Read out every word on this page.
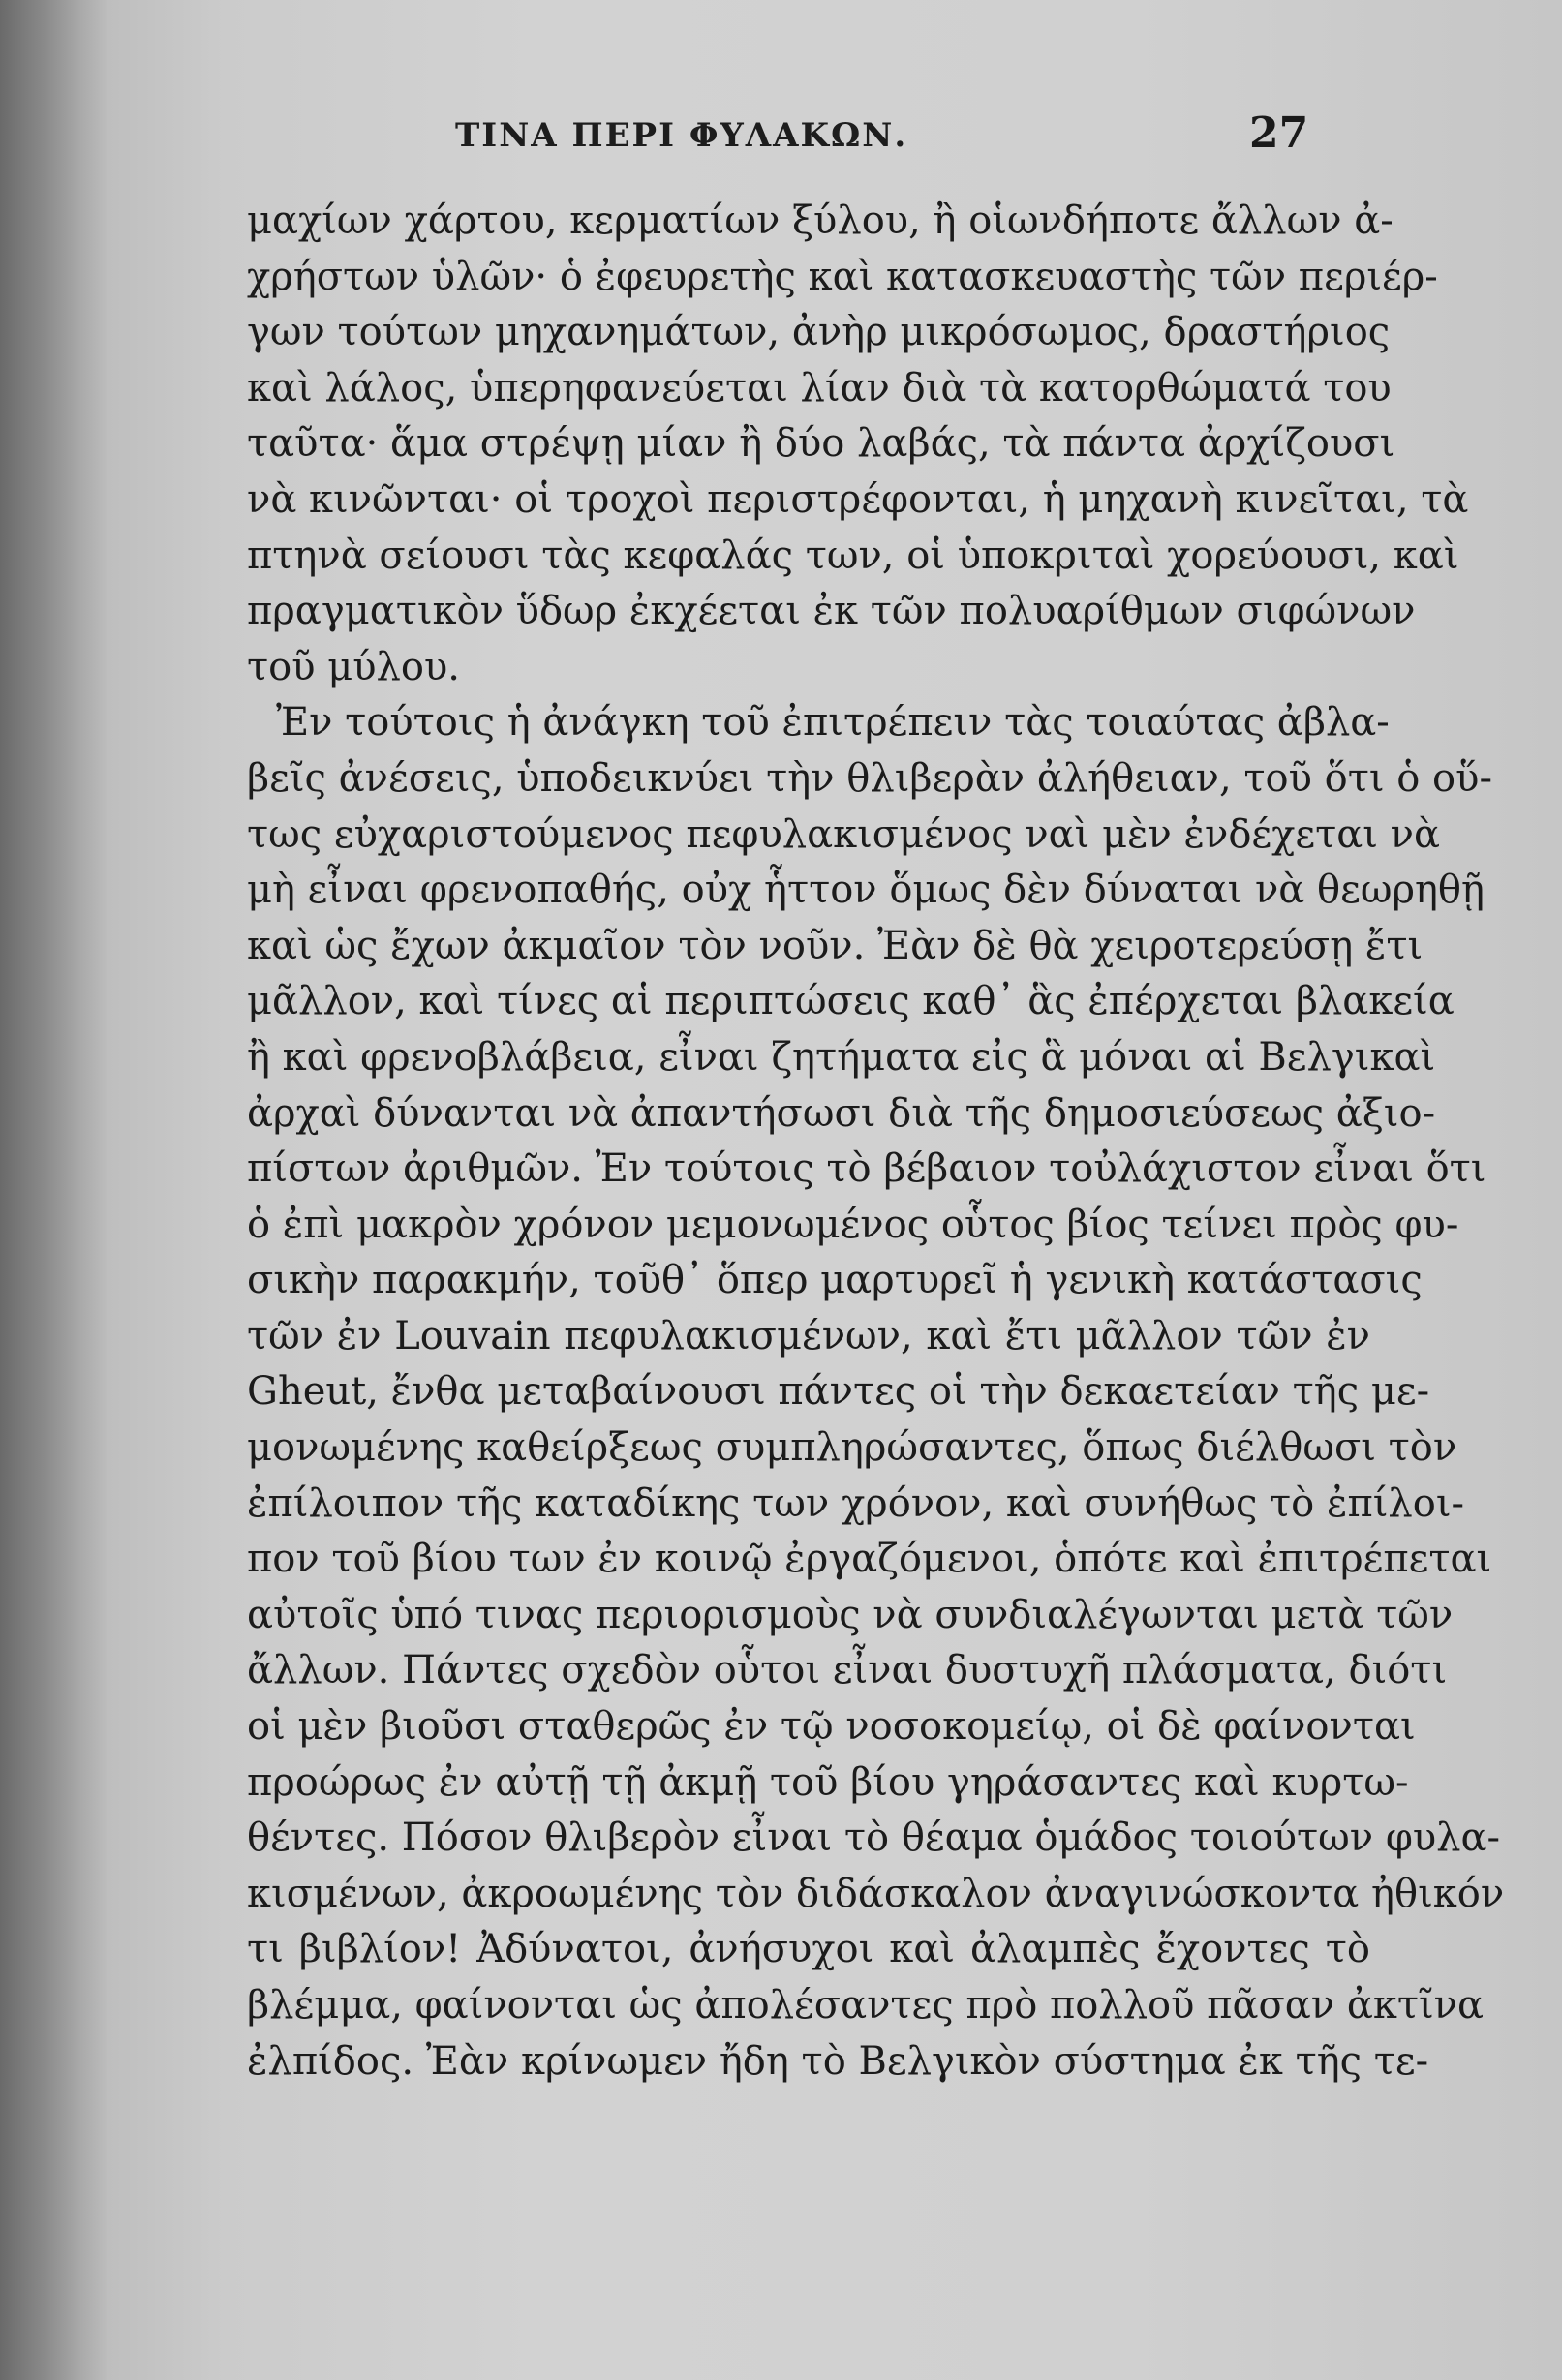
ΤΙΝΑ ΠΕΡΙ ΦΥΛΑΚΩΝ.	27
μαχίων χάρτου, κερματίων ξύλου, ἢ οἱωνδήποτε ἄλλων ἀ-
χρήστων ὑλῶν· ὁ ἐφευρετὴς καὶ κατασκευαστὴς τῶν περιέρ-
γων τούτων μηχανημάτων, ἀνὴρ μικρόσωμος, δραστήριος
καὶ λάλος, ὑπερηφανεύεται λίαν διὰ τὰ κατορθώματά του
ταῦτα· ἅμα στρέψῃ μίαν ἢ δύο λαβάς, τὰ πάντα ἀρχίζουσι
νὰ κινῶνται· οἱ τροχοὶ περιστρέφονται, ἡ μηχανὴ κινεῖται, τὰ
πτηνὰ σείουσι τὰς κεφαλάς των, οἱ ὑποκριταὶ χορεύουσι, καὶ
πραγματικὸν ὕδωρ ἐκχέεται ἐκ τῶν πολυαρίθμων σιφώνων
τοῦ μύλου.
Ἐν τούτοις ἡ ἀνάγκη τοῦ ἐπιτρέπειν τὰς τοιαύτας ἀβλα-
βεῖς ἀνέσεις, ὑποδεικνύει τὴν θλιβερὰν ἀλήθειαν, τοῦ ὅτι ὁ οὕ-
τως εὐχαριστούμενος πεφυλακισμένος ναὶ μὲν ἐνδέχεται νὰ
μὴ εἶναι φρενοπαθής, οὐχ ἧττον ὅμως δὲν δύναται νὰ θεωρηθῇ
καὶ ὡς ἔχων ἀκμαῖον τὸν νοῦν. Ἐὰν δὲ θὰ χειροτερεύσῃ ἔτι
μᾶλλον, καὶ τίνες αἱ περιπτώσεις καθ᾽ ἃς ἐπέρχεται βλακεία
ἢ καὶ φρενοβλάβεια, εἶναι ζητήματα εἰς ἃ μόναι αἱ Βελγικαὶ
ἀρχαὶ δύνανται νὰ ἀπαντήσωσι διὰ τῆς δημοσιεύσεως ἀξιο-
πίστων ἀριθμῶν. Ἐν τούτοις τὸ βέβαιον τοὐλάχιστον εἶναι ὅτι
ὁ ἐπὶ μακρὸν χρόνον μεμονωμένος οὗτος βίος τείνει πρὸς φυ-
σικὴν παρακμήν, τοῦθ᾽ ὅπερ μαρτυρεῖ ἡ γενικὴ κατάστασις
τῶν ἐν Louvain πεφυλακισμένων, καὶ ἔτι μᾶλλον τῶν ἐν
Gheut, ἔνθα μεταβαίνουσι πάντες οἱ τὴν δεκαετείαν τῆς με-
μονωμένης καθείρξεως συμπληρώσαντες, ὅπως διέλθωσι τὸν
ἐπίλοιπον τῆς καταδίκης των χρόνον, καὶ συνήθως τὸ ἐπίλοι-
πον τοῦ βίου των ἐν κοινῷ ἐργαζόμενοι, ὁπότε καὶ ἐπιτρέπεται
αὐτοῖς ὑπό τινας περιορισμοὺς νὰ συνδιαλέγωνται μετὰ τῶν
ἄλλων. Πάντες σχεδὸν οὗτοι εἶναι δυστυχῆ πλάσματα, διότι
οἱ μὲν βιοῦσι σταθερῶς ἐν τῷ νοσοκομείῳ, οἱ δὲ φαίνονται
προώρως ἐν αὐτῇ τῇ ἀκμῇ τοῦ βίου γηράσαντες καὶ κυρτω-
θέντες. Πόσον θλιβερὸν εἶναι τὸ θέαμα ὁμάδος τοιούτων φυλα-
κισμένων, ἀκροωμένης τὸν διδάσκαλον ἀναγινώσκοντα ἠθικόν
τι βιβλίον! Ἀδύνατοι, ἀνήσυχοι καὶ ἀλαμπὲς ἔχοντες τὸ
βλέμμα, φαίνονται ὡς ἀπολέσαντες πρὸ πολλοῦ πᾶσαν ἀκτῖνα
ἐλπίδος. Ἐὰν κρίνωμεν ἤδη τὸ Βελγικὸν σύστημα ἐκ τῆς τε-
